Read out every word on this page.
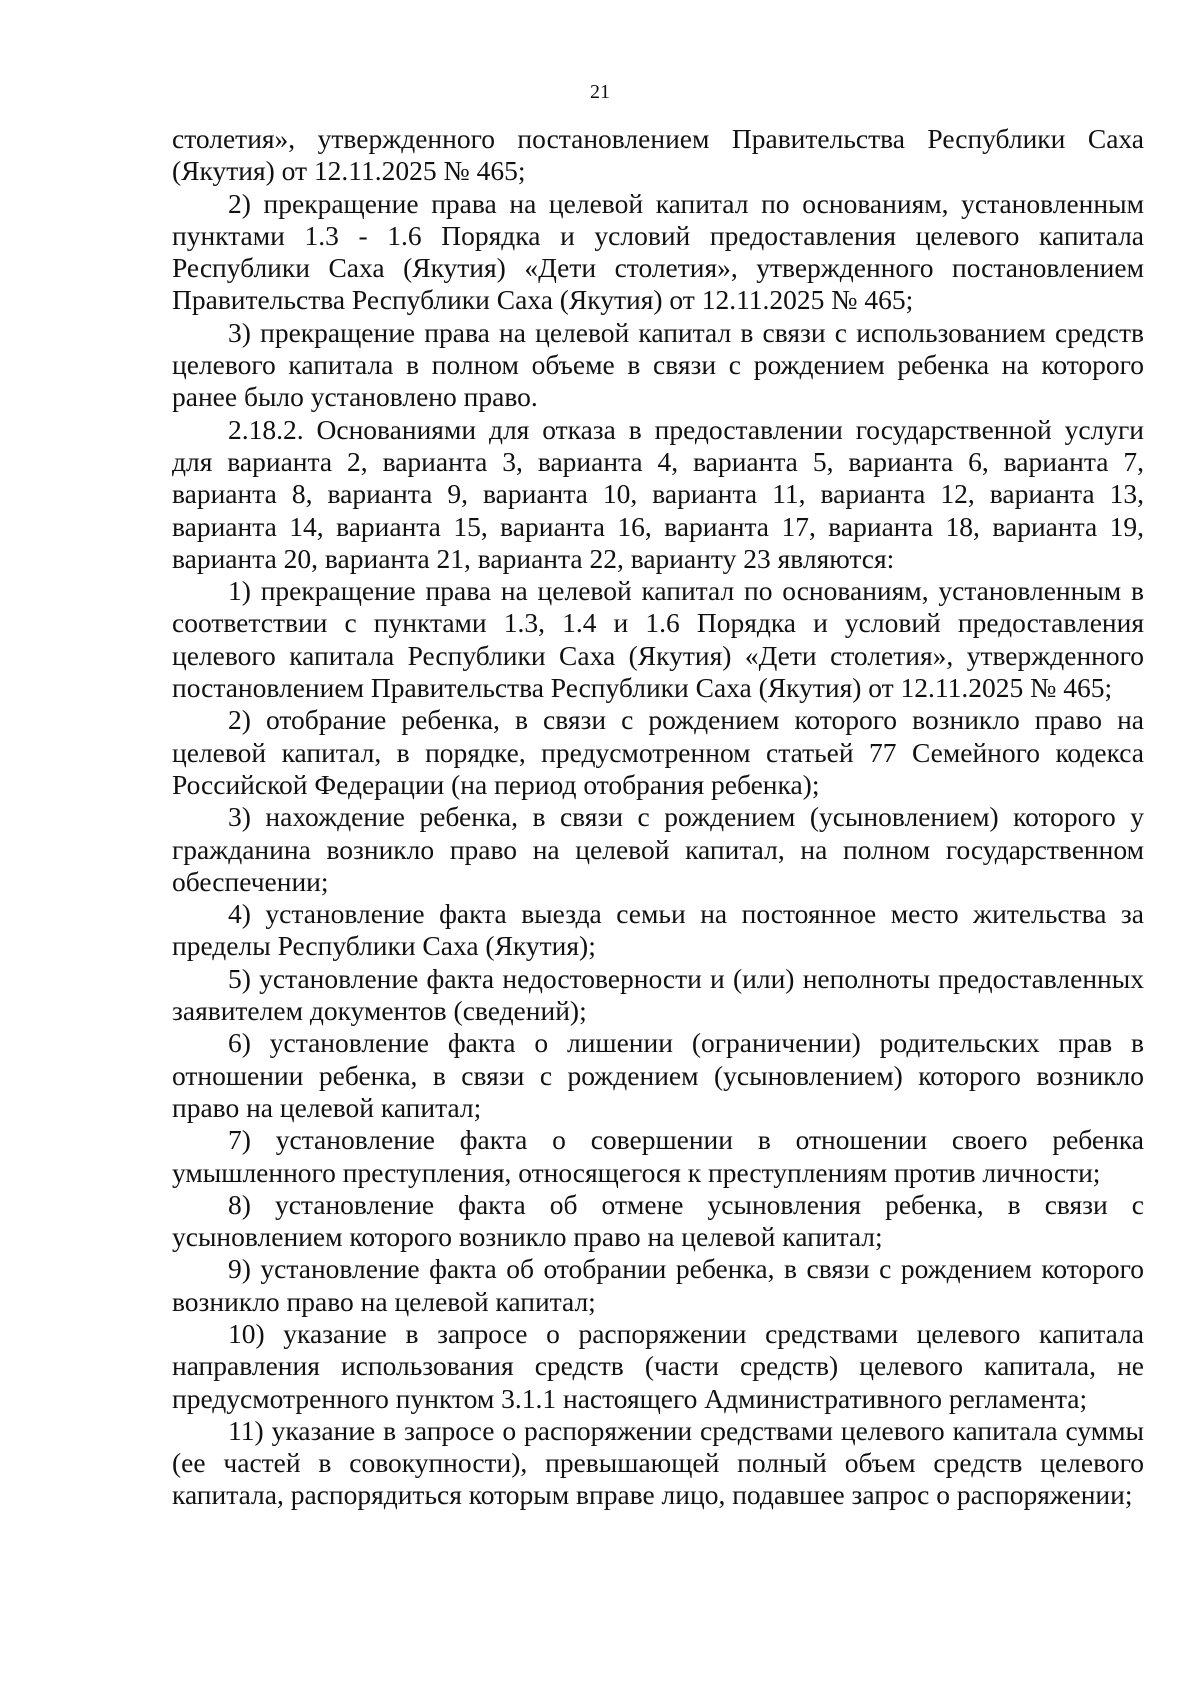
21

столетия», утвержденного постановлением Правительства Республики Саха (Якутия) от 12.11.2025 № 465;

2) прекращение права на целевой капитал по основаниям, установленным пунктами 1.3 - 1.6 Порядка и условий предоставления целевого капитала Республики Саха (Якутия) «Дети столетия», утвержденного постановлением Правительства Республики Саха (Якутия) от 12.11.2025 № 465;

3) прекращение права на целевой капитал в связи с использованием средств целевого капитала в полном объеме в связи с рождением ребенка на которого ранее было установлено право.

2.18.2. Основаниями для отказа в предоставлении государственной услуги для варианта 2, варианта 3, варианта 4, варианта 5, варианта 6, варианта 7, варианта 8, варианта 9, варианта 10, варианта 11, варианта 12, варианта 13, варианта 14, варианта 15, варианта 16, варианта 17, варианта 18, варианта 19, варианта 20, варианта 21, варианта 22, варианту 23 являются:

1) прекращение права на целевой капитал по основаниям, установленным в соответствии с пунктами 1.3, 1.4 и 1.6 Порядка и условий предоставления целевого капитала Республики Саха (Якутия) «Дети столетия», утвержденного постановлением Правительства Республики Саха (Якутия) от 12.11.2025 № 465;

2) отобрание ребенка, в связи с рождением которого возникло право на целевой капитал, в порядке, предусмотренном статьей 77 Семейного кодекса Российской Федерации (на период отобрания ребенка);

3) нахождение ребенка, в связи с рождением (усыновлением) которого у гражданина возникло право на целевой капитал, на полном государственном обеспечении;

4) установление факта выезда семьи на постоянное место жительства за пределы Республики Саха (Якутия);

5) установление факта недостоверности и (или) неполноты предоставленных заявителем документов (сведений);

6) установление факта о лишении (ограничении) родительских прав в отношении ребенка, в связи с рождением (усыновлением) которого возникло право на целевой капитал;

7) установление факта о совершении в отношении своего ребенка умышленного преступления, относящегося к преступлениям против личности;

8) установление факта об отмене усыновления ребенка, в связи с усыновлением которого возникло право на целевой капитал;

9) установление факта об отобрании ребенка, в связи с рождением которого возникло право на целевой капитал;

10) указание в запросе о распоряжении средствами целевого капитала направления использования средств (части средств) целевого капитала, не предусмотренного пунктом 3.1.1 настоящего Административного регламента;

11) указание в запросе о распоряжении средствами целевого капитала суммы (ее частей в совокупности), превышающей полный объем средств целевого капитала, распорядиться которым вправе лицо, подавшее запрос о распоряжении;
